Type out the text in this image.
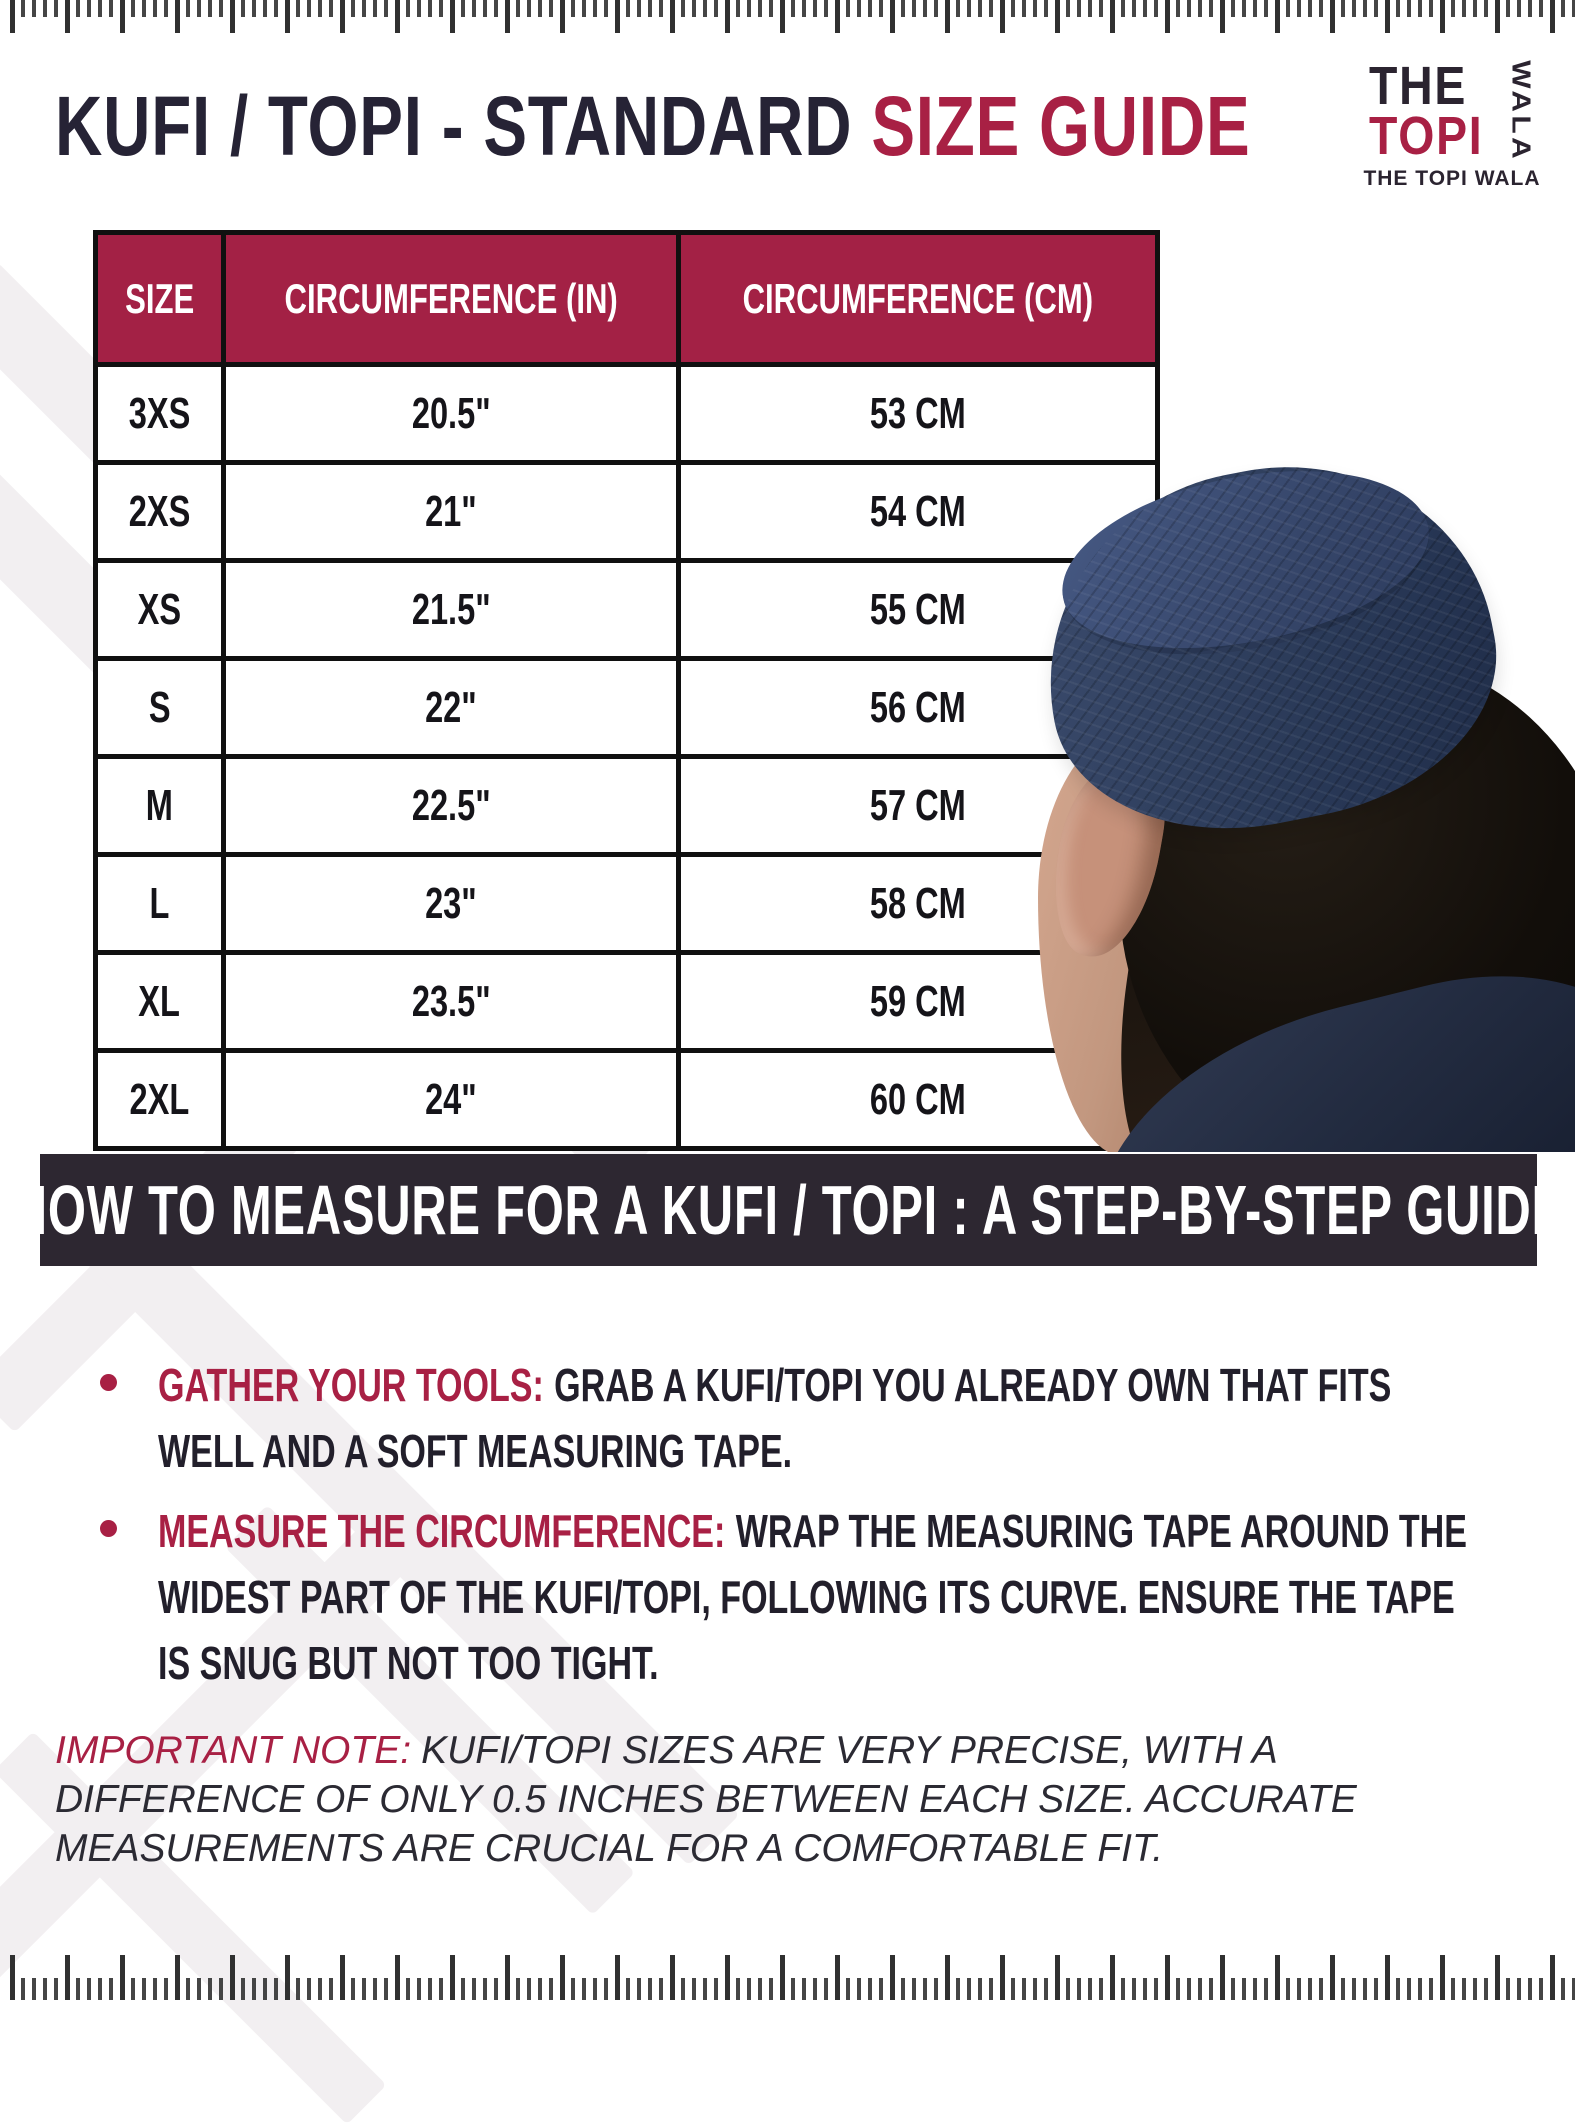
KUFI / TOPI - STANDARD SIZE GUIDE	THE
TOPI WALA
THE TOPI WALA
SIZE	CIRCUMFERENCE (IN)	CIRCUMFERENCE (CM)
3XS	20.5"	53 CM
2XS	21"	54 CM
XS	21.5"	55 CM
S	22"	56 CM
M	22.5"	57 CM
L	23"	58 CM
XL	23.5"	59 CM
2XL	24"	60 CM
HOW TO MEASURE FOR A KUFI / TOPI : A STEP-BY-STEP GUIDE
GATHER YOUR TOOLS: GRAB A KUFI/TOPI YOU ALREADY OWN THAT FITS WELL AND A SOFT MEASURING TAPE.
MEASURE THE CIRCUMFERENCE: WRAP THE MEASURING TAPE AROUND THE WIDEST PART OF THE KUFI/TOPI, FOLLOWING ITS CURVE. ENSURE THE TAPE IS SNUG BUT NOT TOO TIGHT.

IMPORTANT NOTE: KUFI/TOPI SIZES ARE VERY PRECISE, WITH A DIFFERENCE OF ONLY 0.5 INCHES BETWEEN EACH SIZE. ACCURATE MEASUREMENTS ARE CRUCIAL FOR A COMFORTABLE FIT.
